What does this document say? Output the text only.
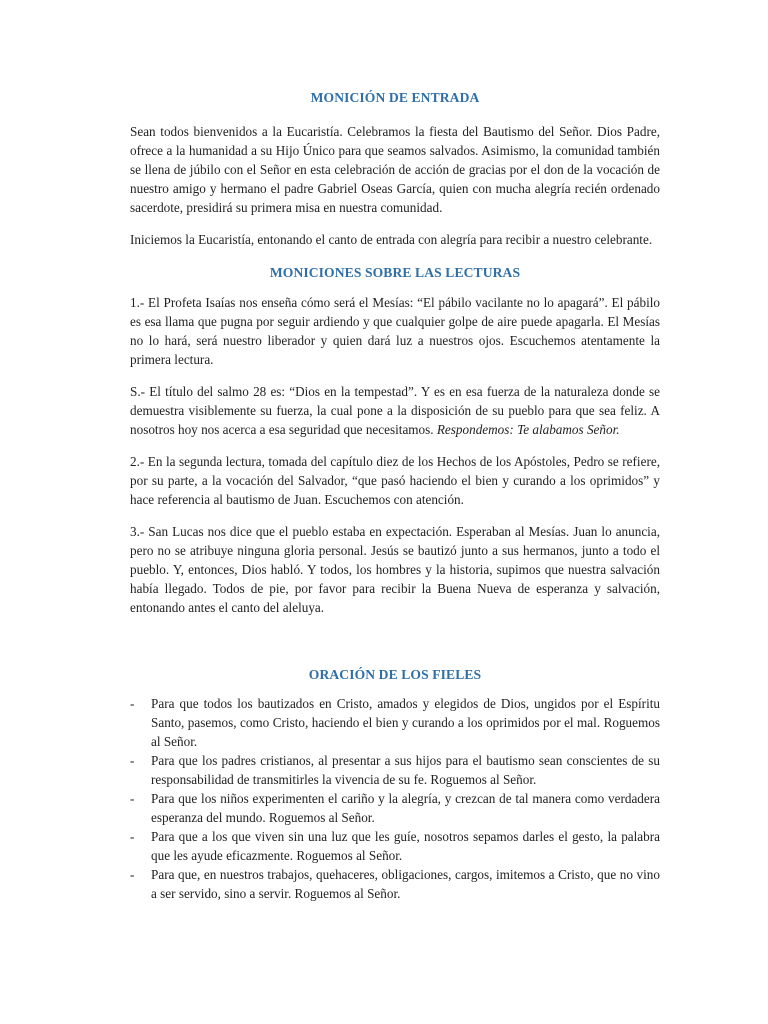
MONICIÓN DE ENTRADA

Sean todos bienvenidos a la Eucaristía. Celebramos la fiesta del Bautismo del Señor. Dios Padre, ofrece a la humanidad a su Hijo Único para que seamos salvados. Asimismo, la comunidad también se llena de júbilo con el Señor en esta celebración de acción de gracias por el don de la vocación de nuestro amigo y hermano el padre Gabriel Oseas García, quien con mucha alegría recién ordenado sacerdote, presidirá su primera misa en nuestra comunidad.

Iniciemos la Eucaristía, entonando el canto de entrada con alegría para recibir a nuestro celebrante.

MONICIONES SOBRE LAS LECTURAS

1.- El Profeta Isaías nos enseña cómo será el Mesías: “El pábilo vacilante no lo apagará”. El pábilo es esa llama que pugna por seguir ardiendo y que cualquier golpe de aire puede apagarla. El Mesías no lo hará, será nuestro liberador y quien dará luz a nuestros ojos. Escuchemos atentamente la primera lectura.

S.- El título del salmo 28 es: “Dios en la tempestad”. Y es en esa fuerza de la naturaleza donde se demuestra visiblemente su fuerza, la cual pone a la disposición de su pueblo para que sea feliz. A nosotros hoy nos acerca a esa seguridad que necesitamos. Respondemos: Te alabamos Señor.

2.- En la segunda lectura, tomada del capítulo diez de los Hechos de los Apóstoles, Pedro se refiere, por su parte, a la vocación del Salvador, “que pasó haciendo el bien y curando a los oprimidos” y hace referencia al bautismo de Juan. Escuchemos con atención.

3.- San Lucas nos dice que el pueblo estaba en expectación. Esperaban al Mesías. Juan lo anuncia, pero no se atribuye ninguna gloria personal. Jesús se bautizó junto a sus hermanos, junto a todo el pueblo. Y, entonces, Dios habló. Y todos, los hombres y la historia, supimos que nuestra salvación había llegado. Todos de pie, por favor para recibir la Buena Nueva de esperanza y salvación, entonando antes el canto del aleluya.

ORACIÓN DE LOS FIELES
- Para que todos los bautizados en Cristo, amados y elegidos de Dios, ungidos por el Espíritu Santo, pasemos, como Cristo, haciendo el bien y curando a los oprimidos por el mal. Roguemos al Señor.
- Para que los padres cristianos, al presentar a sus hijos para el bautismo sean conscientes de su responsabilidad de transmitirles la vivencia de su fe. Roguemos al Señor.
- Para que los niños experimenten el cariño y la alegría, y crezcan de tal manera como verdadera esperanza del mundo. Roguemos al Señor.
- Para que a los que viven sin una luz que les guíe, nosotros sepamos darles el gesto, la palabra que les ayude eficazmente. Roguemos al Señor.
- Para que, en nuestros trabajos, quehaceres, obligaciones, cargos, imitemos a Cristo, que no vino a ser servido, sino a servir. Roguemos al Señor.
